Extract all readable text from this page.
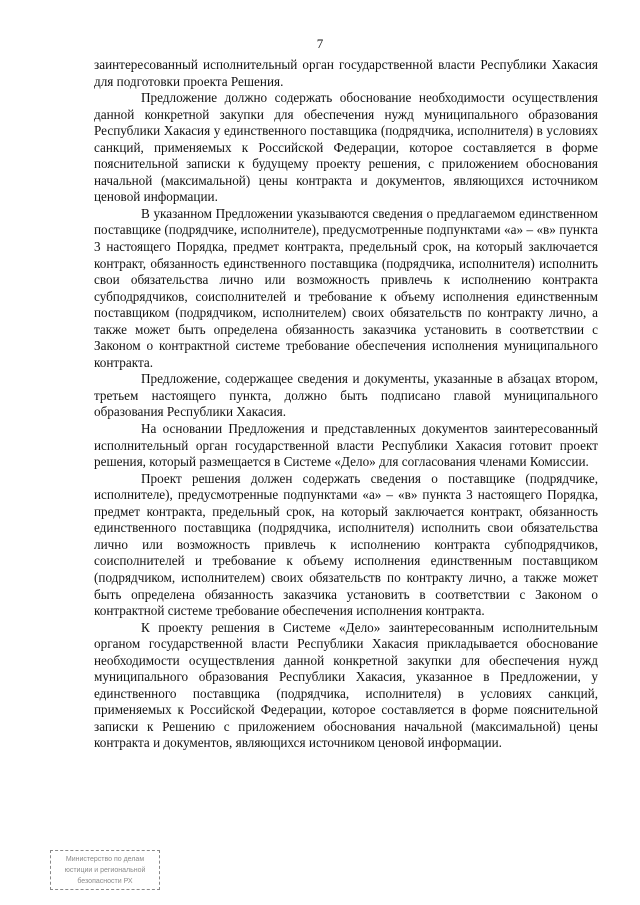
7

заинтересованный исполнительный орган государственной власти Республики Хакасия для подготовки проекта Решения.

Предложение должно содержать обоснование необходимости осуществления данной конкретной закупки для обеспечения нужд муниципального образования Республики Хакасия у единственного поставщика (подрядчика, исполнителя) в условиях санкций, применяемых к Российской Федерации, которое составляется в форме пояснительной записки к будущему проекту решения, с приложением обоснования начальной (максимальной) цены контракта и документов, являющихся источником ценовой информации.

В указанном Предложении указываются сведения о предлагаемом единственном поставщике (подрядчике, исполнителе), предусмотренные подпунктами «а» – «в» пункта 3 настоящего Порядка, предмет контракта, предельный срок, на который заключается контракт, обязанность единственного поставщика (подрядчика, исполнителя) исполнить свои обязательства лично или возможность привлечь к исполнению контракта субподрядчиков, соисполнителей и требование к объему исполнения единственным поставщиком (подрядчиком, исполнителем) своих обязательств по контракту лично, а также может быть определена обязанность заказчика установить в соответствии с Законом о контрактной системе требование обеспечения исполнения муниципального контракта.

Предложение, содержащее сведения и документы, указанные в абзацах втором, третьем настоящего пункта, должно быть подписано главой муниципального образования Республики Хакасия.

На основании Предложения и представленных документов заинтересованный исполнительный орган государственной власти Республики Хакасия готовит проект решения, который размещается в Системе «Дело» для согласования членами Комиссии.

Проект решения должен содержать сведения о поставщике (подрядчике, исполнителе), предусмотренные подпунктами «а» – «в» пункта 3 настоящего Порядка, предмет контракта, предельный срок, на который заключается контракт, обязанность единственного поставщика (подрядчика, исполнителя) исполнить свои обязательства лично или возможность привлечь к исполнению контракта субподрядчиков, соисполнителей и требование к объему исполнения единственным поставщиком (подрядчиком, исполнителем) своих обязательств по контракту лично, а также может быть определена обязанность заказчика установить в соответствии с Законом о контрактной системе требование обеспечения исполнения контракта.

К проекту решения в Системе «Дело» заинтересованным исполнительным органом государственной власти Республики Хакасия прикладывается обоснование необходимости осуществления данной конкретной закупки для обеспечения нужд муниципального образования Республики Хакасия, указанное в Предложении, у единственного поставщика (подрядчика, исполнителя) в условиях санкций, применяемых к Российской Федерации, которое составляется в форме пояснительной записки к Решению с приложением обоснования начальной (максимальной) цены контракта и документов, являющихся источником ценовой информации.

Министерство по делам
юстиции и региональной
безопасности РХ
